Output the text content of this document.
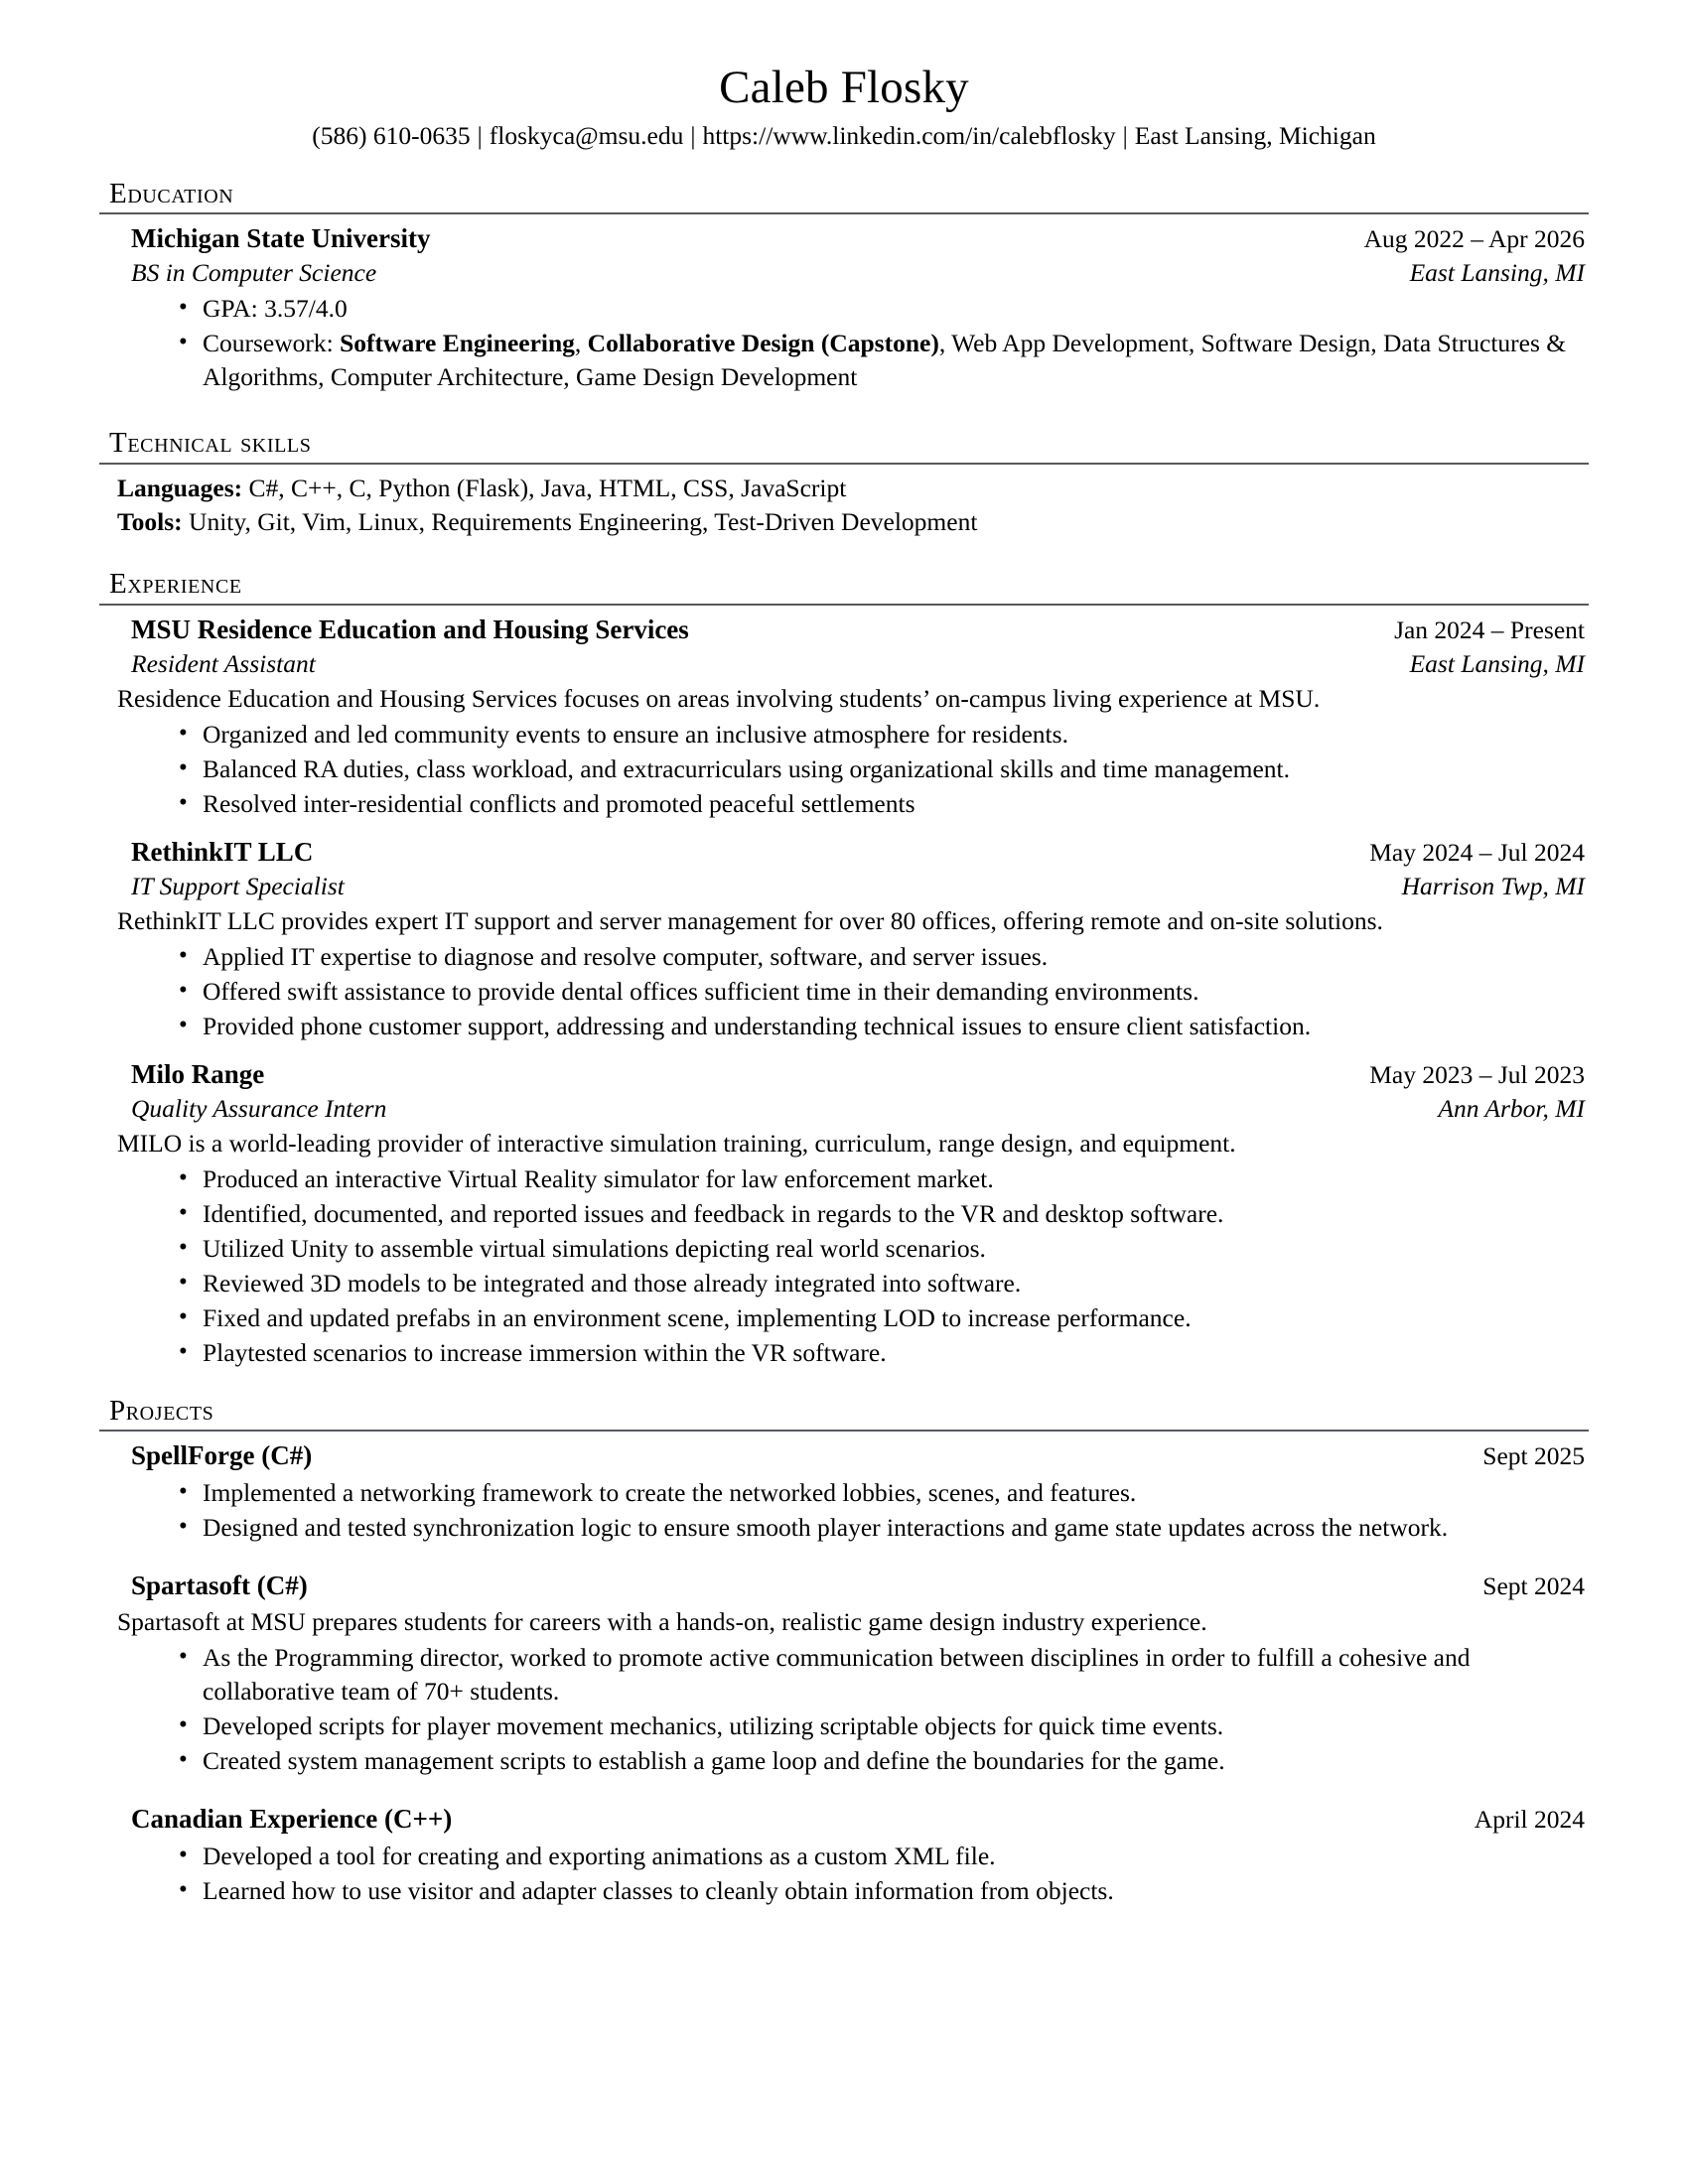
Caleb Flosky
(586) 610-0635 | floskyca@msu.edu | https://www.linkedin.com/in/calebflosky | East Lansing, Michigan
Education
Michigan State University	Aug 2022 – Apr 2026
BS in Computer Science	East Lansing, MI
• GPA: 3.57/4.0
• Coursework: Software Engineering, Collaborative Design (Capstone), Web App Development, Software Design, Data Structures & Algorithms, Computer Architecture, Game Design Development
Technical skills
Languages: C#, C++, C, Python (Flask), Java, HTML, CSS, JavaScript
Tools: Unity, Git, Vim, Linux, Requirements Engineering, Test-Driven Development
Experience
MSU Residence Education and Housing Services	Jan 2024 – Present
Resident Assistant	East Lansing, MI
Residence Education and Housing Services focuses on areas involving students’ on-campus living experience at MSU.
• Organized and led community events to ensure an inclusive atmosphere for residents.
• Balanced RA duties, class workload, and extracurriculars using organizational skills and time management.
• Resolved inter-residential conflicts and promoted peaceful settlements
RethinkIT LLC	May 2024 – Jul 2024
IT Support Specialist	Harrison Twp, MI
RethinkIT LLC provides expert IT support and server management for over 80 offices, offering remote and on-site solutions.
• Applied IT expertise to diagnose and resolve computer, software, and server issues.
• Offered swift assistance to provide dental offices sufficient time in their demanding environments.
• Provided phone customer support, addressing and understanding technical issues to ensure client satisfaction.
Milo Range	May 2023 – Jul 2023
Quality Assurance Intern	Ann Arbor, MI
MILO is a world-leading provider of interactive simulation training, curriculum, range design, and equipment.
• Produced an interactive Virtual Reality simulator for law enforcement market.
• Identified, documented, and reported issues and feedback in regards to the VR and desktop software.
• Utilized Unity to assemble virtual simulations depicting real world scenarios.
• Reviewed 3D models to be integrated and those already integrated into software.
• Fixed and updated prefabs in an environment scene, implementing LOD to increase performance.
• Playtested scenarios to increase immersion within the VR software.
Projects
SpellForge (C#)	Sept 2025
• Implemented a networking framework to create the networked lobbies, scenes, and features.
• Designed and tested synchronization logic to ensure smooth player interactions and game state updates across the network.
Spartasoft (C#)	Sept 2024
Spartasoft at MSU prepares students for careers with a hands-on, realistic game design industry experience.
• As the Programming director, worked to promote active communication between disciplines in order to fulfill a cohesive and collaborative team of 70+ students.
• Developed scripts for player movement mechanics, utilizing scriptable objects for quick time events.
• Created system management scripts to establish a game loop and define the boundaries for the game.
Canadian Experience (C++)	April 2024
• Developed a tool for creating and exporting animations as a custom XML file.
• Learned how to use visitor and adapter classes to cleanly obtain information from objects.
